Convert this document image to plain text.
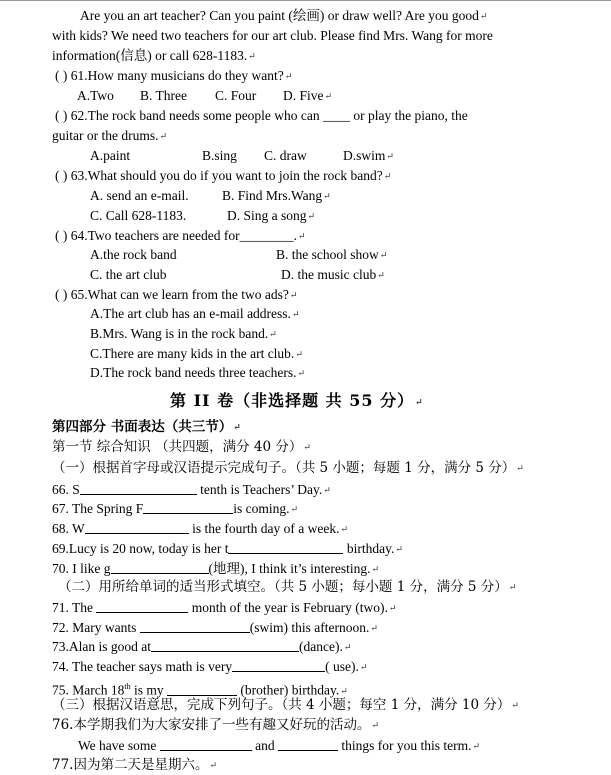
Are you an art teacher? Can you paint (绘画) or draw well? Are you good↵
with kids? We need two teachers for our art club. Please find Mrs. Wang for more
information(信息) or call 628-1183.↵
( ) 61.How many musicians do they want?↵
A.Two B. Three C. Four D. Five↵
( ) 62.The rock band needs some people who can ____ or play the piano, the
guitar or the drums.↵
A.paint	B.sing C. draw	D.swim↵
( ) 63.What should you do if you want to join the rock band?↵
A. send an e-mail. B. Find Mrs.Wang↵
C. Call 628-1183.	D. Sing a song↵
( ) 64.Two teachers are needed for________.↵
A.the rock band	B. the school show↵
C. the art club	D. the music club↵
( ) 65.What can we learn from the two ads?↵
A.The art club has an e-mail address.↵
B.Mrs. Wang is in the rock band.↵
C.There are many kids in the art club.↵
D.The rock band needs three teachers.↵
第 II 卷（非选择题 共 55 分）↵
第四部分 书面表达（共三节）↵
第一节 综合知识 （共四题，满分 40 分）↵
（一）根据首字母或汉语提示完成句子。（共 5 小题；每题 1 分，满分 5 分）↵
66. S	tenth is Teachers’ Day.↵
67. The Spring F	is coming.↵
68. W	is the fourth day of a week.↵
69.Lucy is 20 now, today is her t	birthday.↵
70. I like g	(地理), I think it’s interesting.↵
（二）用所给单词的适当形式填空。（共 5 小题；每小题 1 分，满分 5 分）↵
71. The	month of the year is February (two).↵
72. Mary wants	(swim) this afternoon.↵
73.Alan is good at	(dance).↵
74. The teacher says math is very	( use).↵
75. March 18th is my	(brother) birthday.↵
（三）根据汉语意思，完成下列句子。（共 4 小题；每空 1 分，满分 10 分）↵
76.本学期我们为大家安排了一些有趣又好玩的活动。↵
We have some	and	things for you this term.↵
77.因为第二天是星期六。↵
